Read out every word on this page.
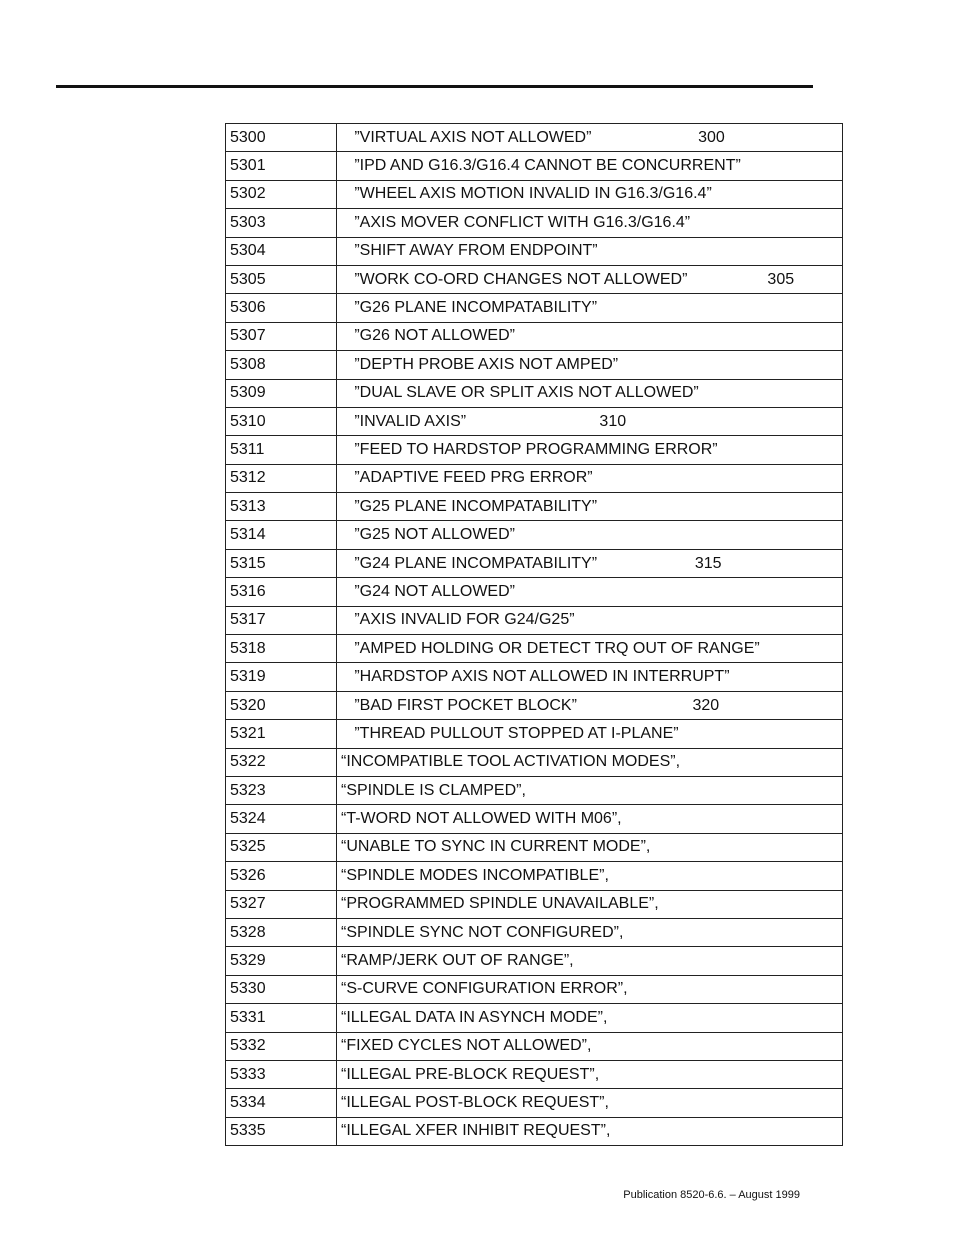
5300	”VIRTUAL AXIS NOT ALLOWED”                        300
5301	”IPD AND G16.3/G16.4 CANNOT BE CONCURRENT”
5302	”WHEEL AXIS MOTION INVALID IN G16.3/G16.4”
5303	”AXIS MOVER CONFLICT WITH G16.3/G16.4”
5304	”SHIFT AWAY FROM ENDPOINT”
5305	”WORK CO-ORD CHANGES NOT ALLOWED”                  305
5306	”G26 PLANE INCOMPATABILITY”
5307	”G26 NOT ALLOWED”
5308	”DEPTH PROBE AXIS NOT AMPED”
5309	”DUAL SLAVE OR SPLIT AXIS NOT ALLOWED”
5310	”INVALID AXIS”                              310
5311	”FEED TO HARDSTOP PROGRAMMING ERROR”
5312	”ADAPTIVE FEED PRG ERROR”
5313	”G25 PLANE INCOMPATABILITY”
5314	”G25 NOT ALLOWED”
5315	”G24 PLANE INCOMPATABILITY”                      315
5316	”G24 NOT ALLOWED”
5317	”AXIS INVALID FOR G24/G25”
5318	”AMPED HOLDING OR DETECT TRQ OUT OF RANGE”
5319	”HARDSTOP AXIS NOT ALLOWED IN INTERRUPT”
5320	”BAD FIRST POCKET BLOCK”                          320
5321	”THREAD PULLOUT STOPPED AT I-PLANE”
5322	“INCOMPATIBLE TOOL ACTIVATION MODES”,
5323	“SPINDLE IS CLAMPED”,
5324	“T-WORD NOT ALLOWED WITH M06”,
5325	“UNABLE TO SYNC IN CURRENT MODE”,
5326	“SPINDLE MODES INCOMPATIBLE”,
5327	“PROGRAMMED SPINDLE UNAVAILABLE”,
5328	“SPINDLE SYNC NOT CONFIGURED”,
5329	“RAMP/JERK OUT OF RANGE”,
5330	“S-CURVE CONFIGURATION ERROR”,
5331	“ILLEGAL DATA IN ASYNCH MODE”,
5332	“FIXED CYCLES NOT ALLOWED”,
5333	“ILLEGAL PRE-BLOCK REQUEST”,
5334	“ILLEGAL POST-BLOCK REQUEST”,
5335	“ILLEGAL XFER INHIBIT REQUEST”,
Publication 8520-6.6. – August 1999
